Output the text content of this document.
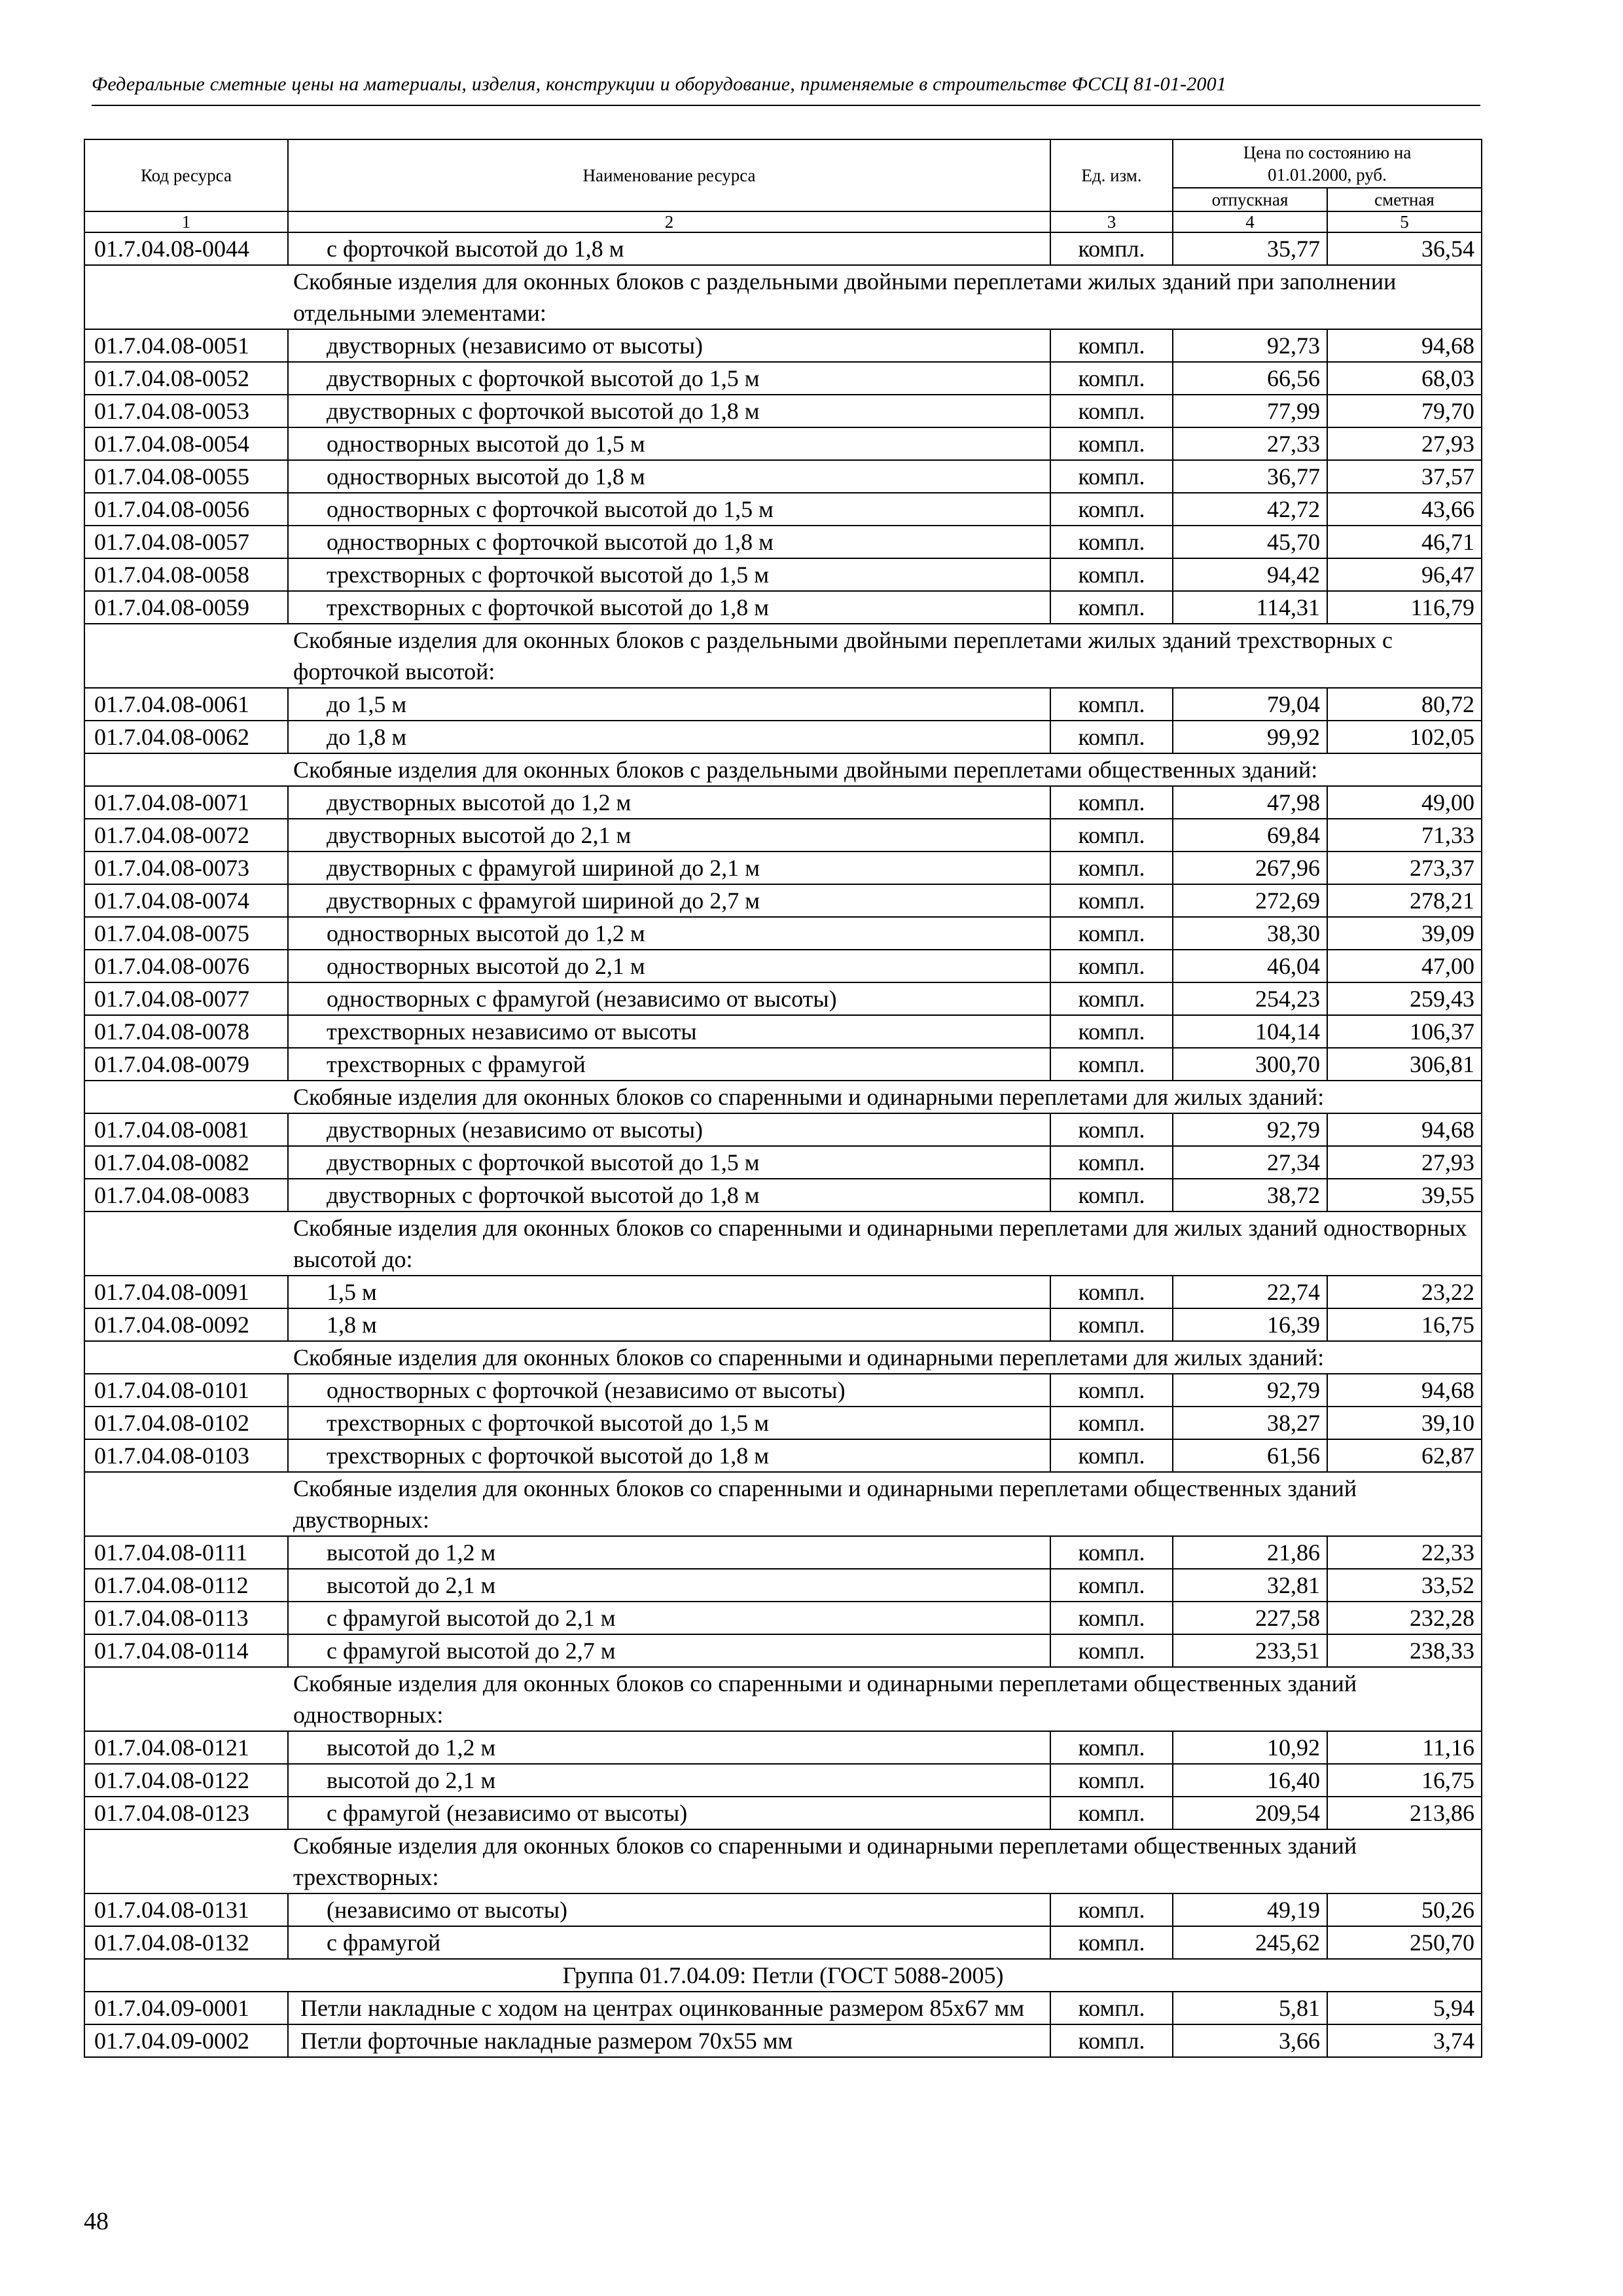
Федеральные сметные цены на материалы, изделия, конструкции и оборудование, применяемые в строительстве ФССЦ 81-01-2001
Код ресурса	Наименование ресурса	Ед. изм.	Цена по состоянию на 01.01.2000, руб.	
			отпускная	сметная
1	2	3	4	5
01.7.04.08-0044	с форточкой высотой до 1,8 м	компл.	35,77	36,54
Скобяные изделия для оконных блоков с раздельными двойными переплетами жилых зданий при заполнении отдельными элементами:				
01.7.04.08-0051	двустворных (независимо от высоты)	компл.	92,73	94,68
01.7.04.08-0052	двустворных с форточкой высотой до 1,5 м	компл.	66,56	68,03
01.7.04.08-0053	двустворных с форточкой высотой до 1,8 м	компл.	77,99	79,70
01.7.04.08-0054	одностворных высотой до 1,5 м	компл.	27,33	27,93
01.7.04.08-0055	одностворных высотой до 1,8 м	компл.	36,77	37,57
01.7.04.08-0056	одностворных с форточкой высотой до 1,5 м	компл.	42,72	43,66
01.7.04.08-0057	одностворных с форточкой высотой до 1,8 м	компл.	45,70	46,71
01.7.04.08-0058	трехстворных с форточкой высотой до 1,5 м	компл.	94,42	96,47
01.7.04.08-0059	трехстворных с форточкой высотой до 1,8 м	компл.	114,31	116,79
Скобяные изделия для оконных блоков с раздельными двойными переплетами жилых зданий трехстворных с форточкой высотой:				
01.7.04.08-0061	до 1,5 м	компл.	79,04	80,72
01.7.04.08-0062	до 1,8 м	компл.	99,92	102,05
Скобяные изделия для оконных блоков с раздельными двойными переплетами общественных зданий:				
01.7.04.08-0071	двустворных высотой до 1,2 м	компл.	47,98	49,00
01.7.04.08-0072	двустворных высотой до 2,1 м	компл.	69,84	71,33
01.7.04.08-0073	двустворных с фрамугой шириной до 2,1 м	компл.	267,96	273,37
01.7.04.08-0074	двустворных с фрамугой шириной до 2,7 м	компл.	272,69	278,21
01.7.04.08-0075	одностворных высотой до 1,2 м	компл.	38,30	39,09
01.7.04.08-0076	одностворных высотой до 2,1 м	компл.	46,04	47,00
01.7.04.08-0077	одностворных с фрамугой (независимо от высоты)	компл.	254,23	259,43
01.7.04.08-0078	трехстворных независимо от высоты	компл.	104,14	106,37
01.7.04.08-0079	трехстворных с фрамугой	компл.	300,70	306,81
Скобяные изделия для оконных блоков со спаренными и одинарными переплетами для жилых зданий:				
01.7.04.08-0081	двустворных (независимо от высоты)	компл.	92,79	94,68
01.7.04.08-0082	двустворных с форточкой высотой до 1,5 м	компл.	27,34	27,93
01.7.04.08-0083	двустворных с форточкой высотой до 1,8 м	компл.	38,72	39,55
Скобяные изделия для оконных блоков со спаренными и одинарными переплетами для жилых зданий одностворных высотой до:				
01.7.04.08-0091	1,5 м	компл.	22,74	23,22
01.7.04.08-0092	1,8 м	компл.	16,39	16,75
Скобяные изделия для оконных блоков со спаренными и одинарными переплетами для жилых зданий:				
01.7.04.08-0101	одностворных с форточкой (независимо от высоты)	компл.	92,79	94,68
01.7.04.08-0102	трехстворных с форточкой высотой до 1,5 м	компл.	38,27	39,10
01.7.04.08-0103	трехстворных с форточкой высотой до 1,8 м	компл.	61,56	62,87
Скобяные изделия для оконных блоков со спаренными и одинарными переплетами общественных зданий двустворных:				
01.7.04.08-0111	высотой до 1,2 м	компл.	21,86	22,33
01.7.04.08-0112	высотой до 2,1 м	компл.	32,81	33,52
01.7.04.08-0113	с фрамугой высотой до 2,1 м	компл.	227,58	232,28
01.7.04.08-0114	с фрамугой высотой до 2,7 м	компл.	233,51	238,33
Скобяные изделия для оконных блоков со спаренными и одинарными переплетами общественных зданий одностворных:				
01.7.04.08-0121	высотой до 1,2 м	компл.	10,92	11,16
01.7.04.08-0122	высотой до 2,1 м	компл.	16,40	16,75
01.7.04.08-0123	с фрамугой (независимо от высоты)	компл.	209,54	213,86
Скобяные изделия для оконных блоков со спаренными и одинарными переплетами общественных зданий трехстворных:				
01.7.04.08-0131	(независимо от высоты)	компл.	49,19	50,26
01.7.04.08-0132	с фрамугой	компл.	245,62	250,70
Группа 01.7.04.09: Петли (ГОСТ 5088-2005)				
01.7.04.09-0001	Петли накладные с ходом на центрах оцинкованные размером 85х67 мм	компл.	5,81	5,94
01.7.04.09-0002	Петли форточные накладные размером 70х55 мм	компл.	3,66	3,74
48
